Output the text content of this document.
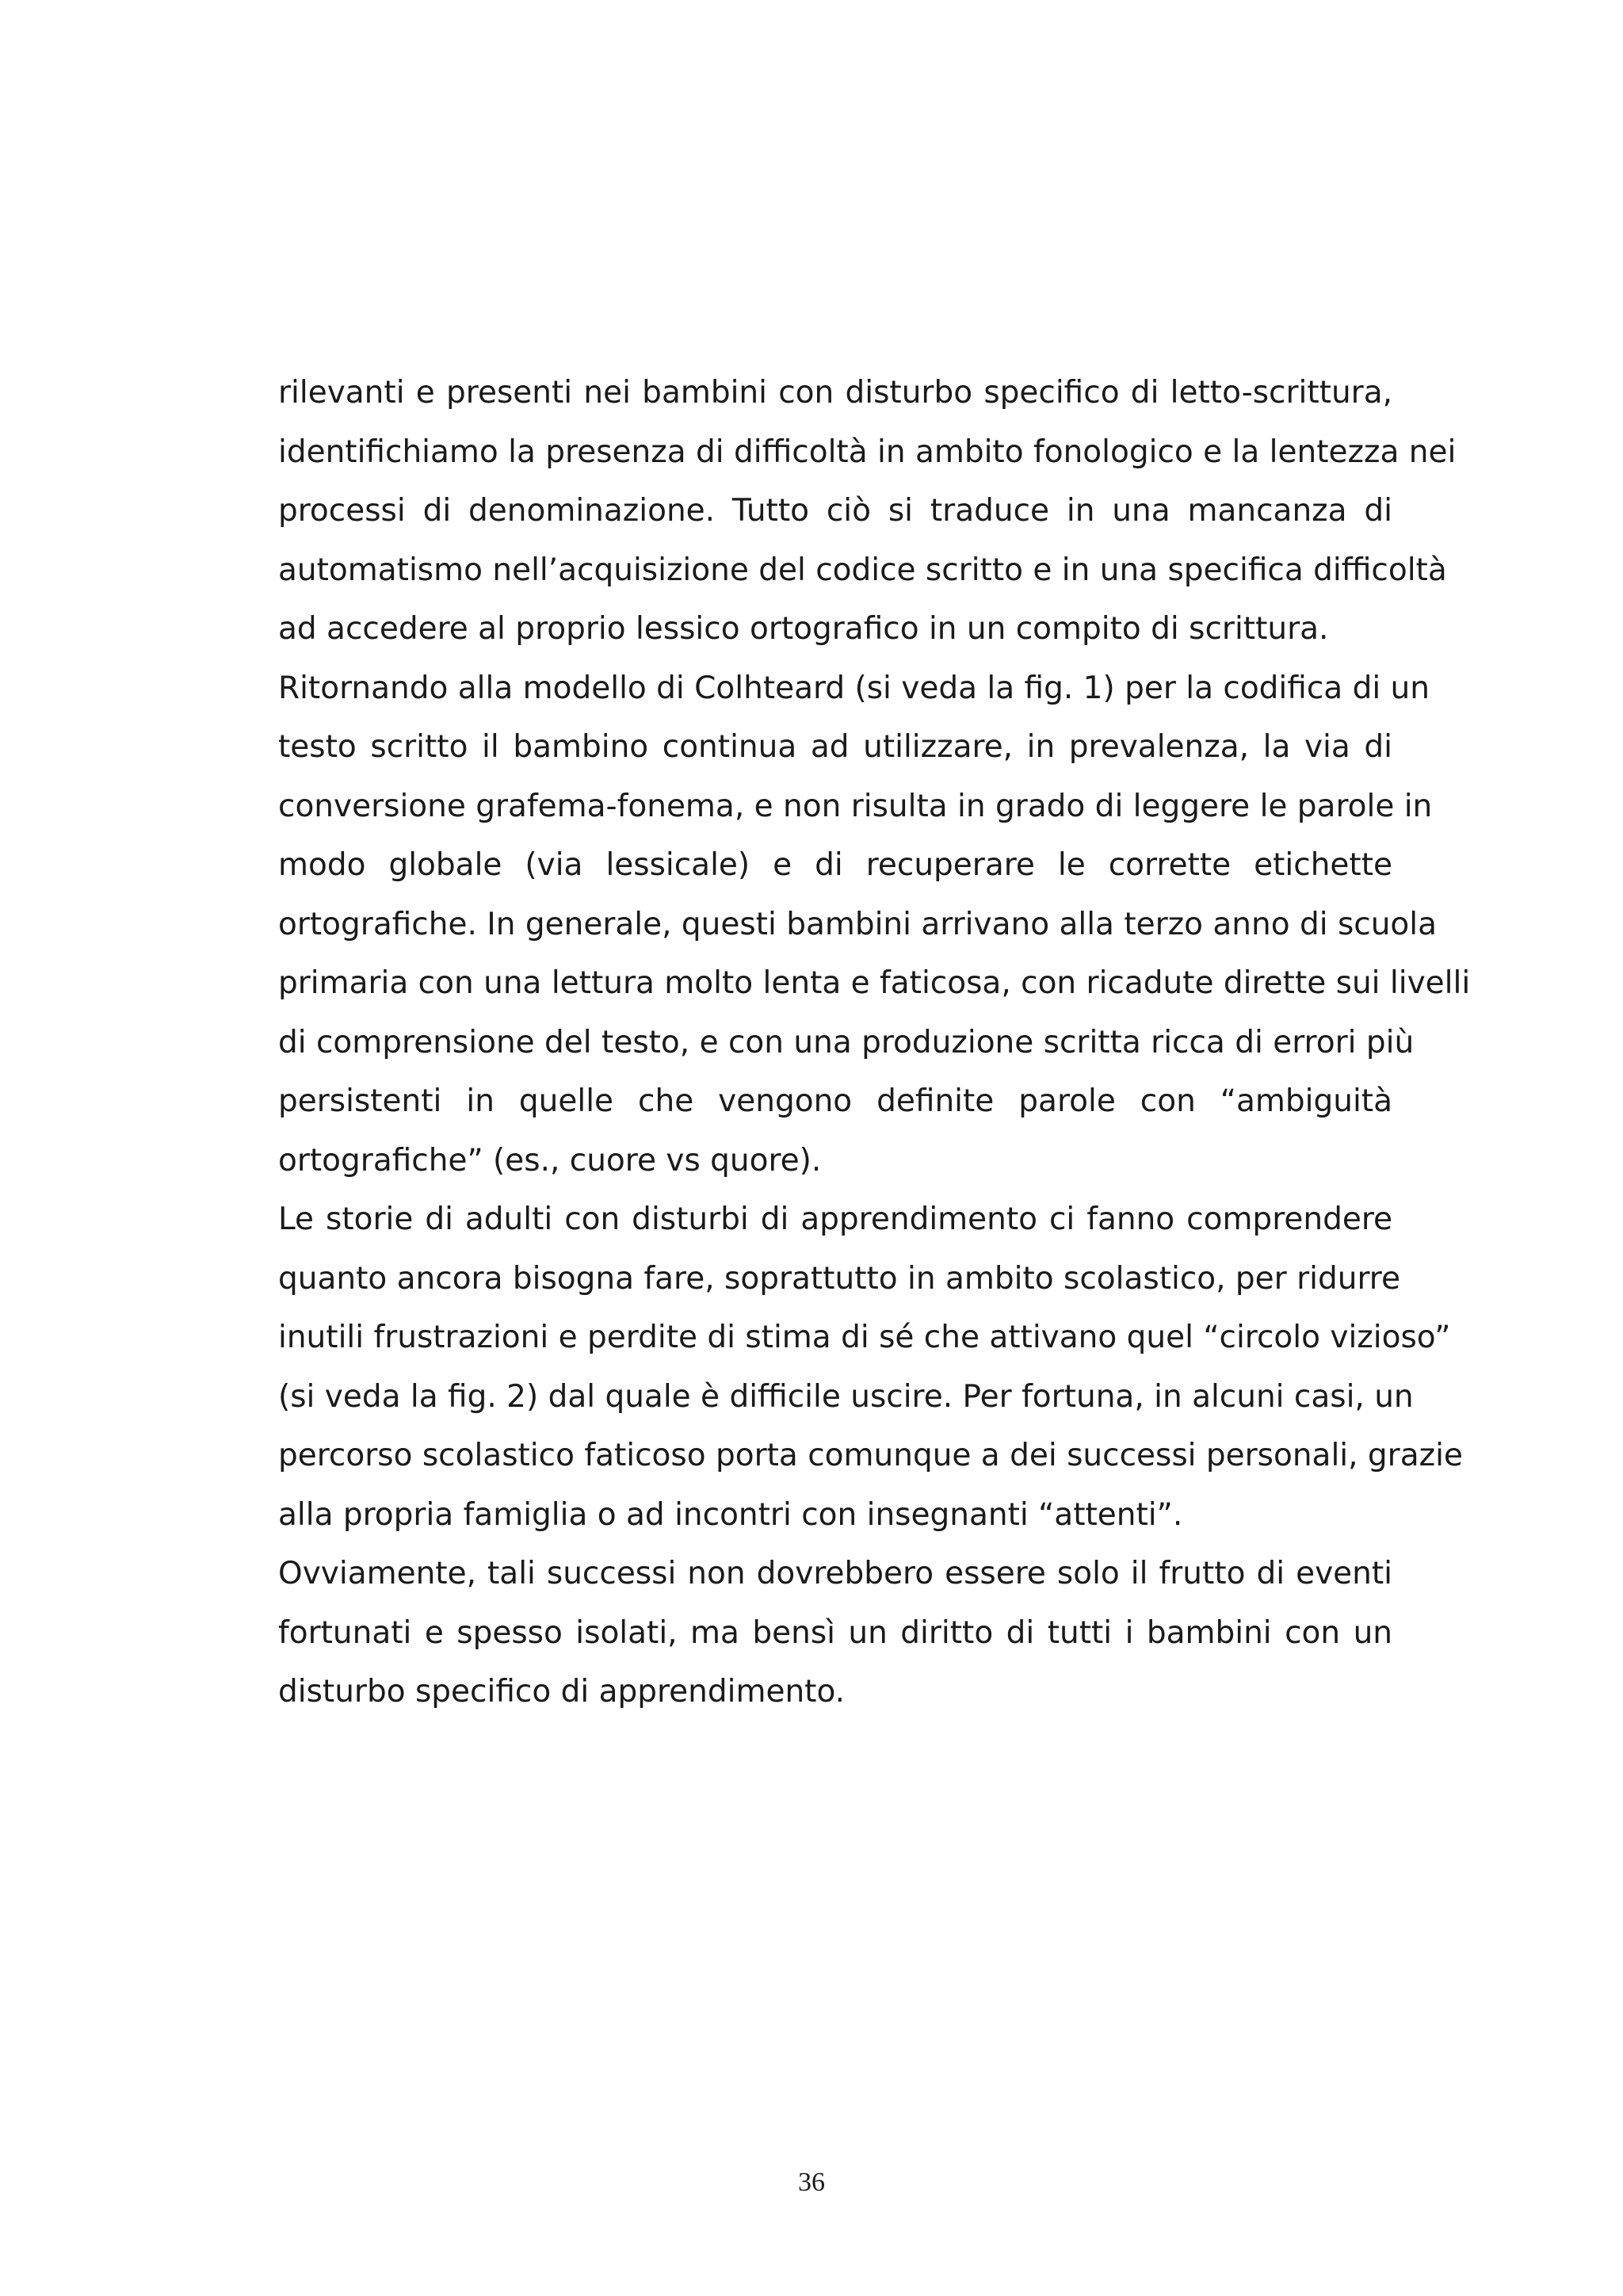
rilevanti e presenti nei bambini con disturbo specifico di letto-scrittura,
identifichiamo la presenza di difficoltà in ambito fonologico e la lentezza nei
processi di denominazione. Tutto ciò si traduce in una mancanza di
automatismo nell’acquisizione del codice scritto e in una specifica difficoltà
ad accedere al proprio lessico ortografico in un compito di scrittura.
Ritornando alla modello di Colhteard (si veda la fig. 1) per la codifica di un
testo scritto il bambino continua ad utilizzare, in prevalenza, la via di
conversione grafema-fonema, e non risulta in grado di leggere le parole in
modo globale (via lessicale) e di recuperare le corrette etichette
ortografiche. In generale, questi bambini arrivano alla terzo anno di scuola
primaria con una lettura molto lenta e faticosa, con ricadute dirette sui livelli
di comprensione del testo, e con una produzione scritta ricca di errori più
persistenti in quelle che vengono definite parole con “ambiguità
ortografiche” (es., cuore vs quore).
Le storie di adulti con disturbi di apprendimento ci fanno comprendere
quanto ancora bisogna fare, soprattutto in ambito scolastico, per ridurre
inutili frustrazioni e perdite di stima di sé che attivano quel “circolo vizioso”
(si veda la fig. 2) dal quale è difficile uscire. Per fortuna, in alcuni casi, un
percorso scolastico faticoso porta comunque a dei successi personali, grazie
alla propria famiglia o ad incontri con insegnanti “attenti”.
Ovviamente, tali successi non dovrebbero essere solo il frutto di eventi
fortunati e spesso isolati, ma bensì un diritto di tutti i bambini con un
disturbo specifico di apprendimento.
36
